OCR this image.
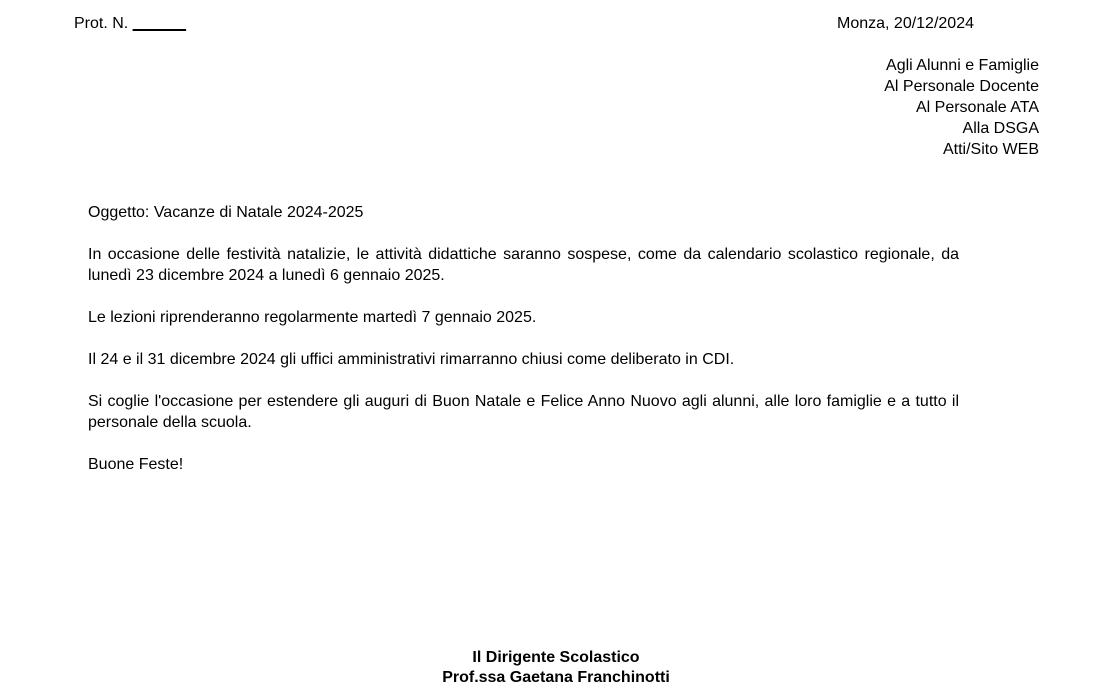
Prot. N. ______	Monza, 20/12/2024
Agli Alunni e Famiglie
Al Personale Docente
Al Personale ATA
Alla DSGA
Atti/Sito WEB

Oggetto: Vacanze di Natale 2024-2025

In occasione delle festività natalizie, le attività didattiche saranno sospese, come da calendario scolastico regionale, da lunedì 23 dicembre 2024 a lunedì 6 gennaio 2025.

Le lezioni riprenderanno regolarmente martedì 7 gennaio 2025.

Il 24 e il 31 dicembre 2024 gli uffici amministrativi rimarranno chiusi come deliberato in CDI.

Si coglie l'occasione per estendere gli auguri di Buon Natale e Felice Anno Nuovo agli alunni, alle loro famiglie e a tutto il personale della scuola.

Buone Feste!

Il Dirigente Scolastico
Prof.ssa Gaetana Franchinotti
